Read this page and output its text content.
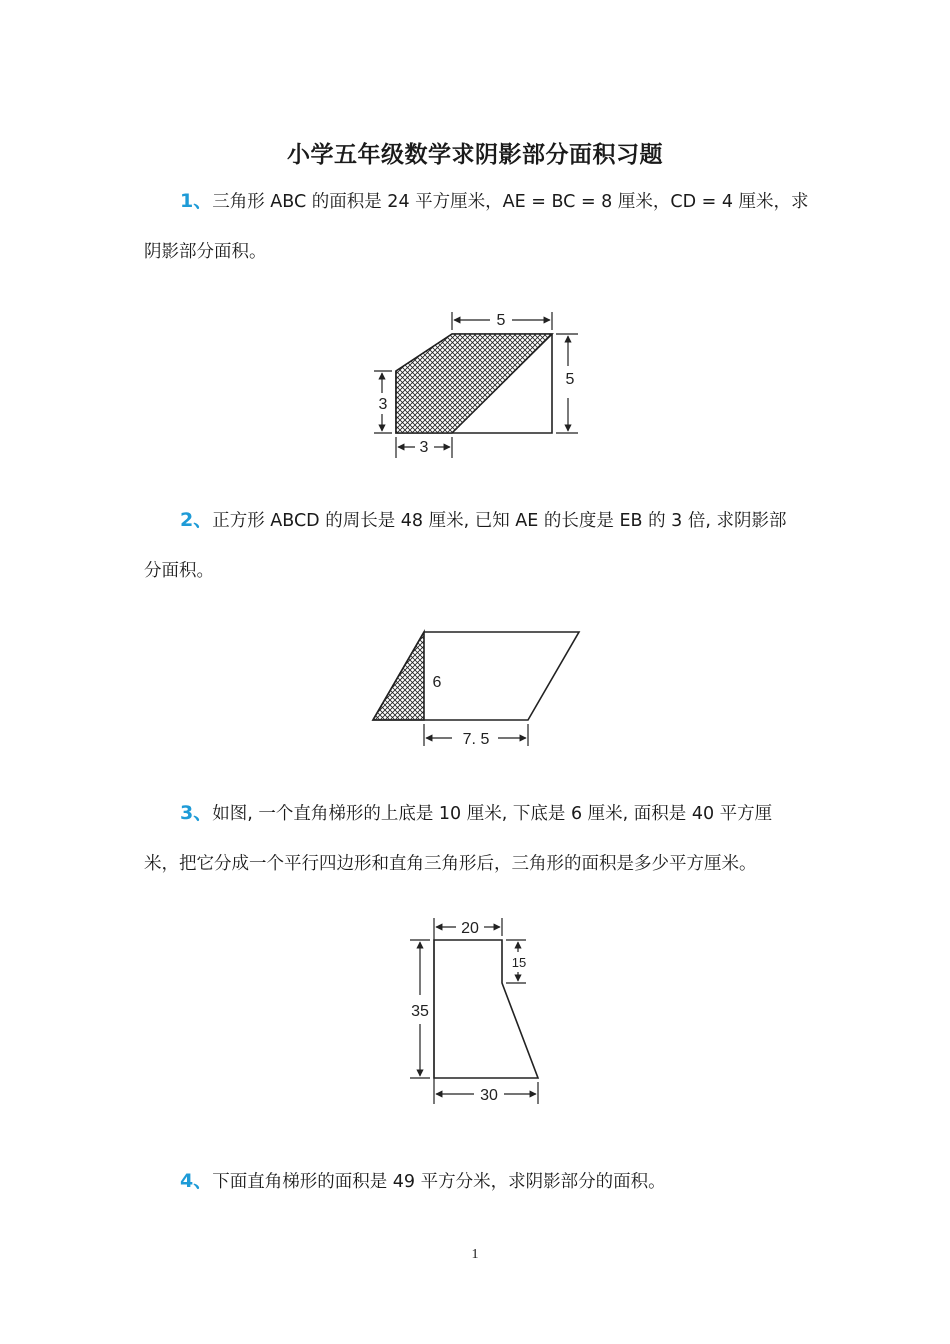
小学五年级数学求阴影部分面积习题
1、三角形 ABC 的面积是 24 平方厘米，AE = BC = 8 厘米，CD = 4 厘米，求
阴影部分面积。
2、正方形 ABCD 的周长是 48 厘米, 已知 AE 的长度是 EB 的 3 倍, 求阴影部
分面积。
3、如图, 一个直角梯形的上底是 10 厘米, 下底是 6 厘米, 面积是 40 平方厘
米，把它分成一个平行四边形和直角三角形后，三角形的面积是多少平方厘米。
4、下面直角梯形的面积是 49 平方分米，求阴影部分的面积。
5
5
3
3
6
7. 5
20
15
35
30
1
